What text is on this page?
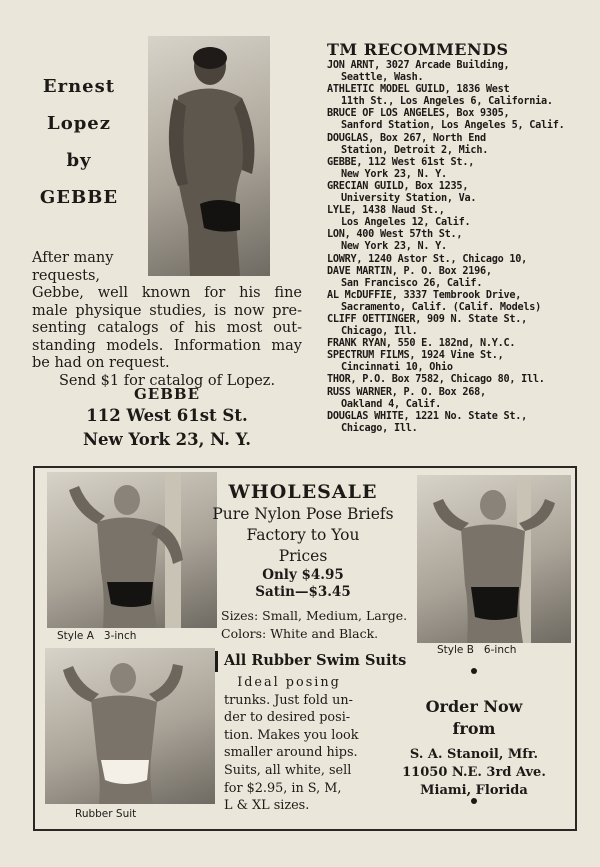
Ernest
Lopez
by
GEBBE
After many
requests,
Gebbe, well known for his fine
male physique studies, is now pre-
senting catalogs of his most out-
standing models. Information may
be had on request.
Send $1 for catalog of Lopez.
GEBBE
112 West 61st St.
New York 23, N. Y.
TM RECOMMENDS
JON ARNT, 3027 Arcade Building,
Seattle, Wash.
ATHLETIC MODEL GUILD, 1836 West
11th St., Los Angeles 6, California.
BRUCE OF LOS ANGELES, Box 9305,
Sanford Station, Los Angeles 5, Calif.
DOUGLAS, Box 267, North End
Station, Detroit 2, Mich.
GEBBE, 112 West 61st St.,
New York 23, N. Y.
GRECIAN GUILD, Box 1235,
University Station, Va.
LYLE, 1438 Naud St.,
Los Angeles 12, Calif.
LON, 400 West 57th St.,
New York 23, N. Y.
LOWRY, 1240 Astor St., Chicago 10,
DAVE MARTIN, P. O. Box 2196,
San Francisco 26, Calif.
AL McDUFFIE, 3337 Tembrook Drive,
Sacramento, Calif. (Calif. Models)
CLIFF OETTINGER, 909 N. State St.,
Chicago, Ill.
FRANK RYAN, 550 E. 182nd, N.Y.C.
SPECTRUM FILMS, 1924 Vine St.,
Cincinnati 10, Ohio
THOR, P.O. Box 7582, Chicago 80, Ill.
RUSS WARNER, P. O. Box 268,
Oakland 4, Calif.
DOUGLAS WHITE, 1221 No. State St.,
Chicago, Ill.
Style A   3-inch
Rubber Suit
Style B   6-inch
WHOLESALE
Pure Nylon Pose Briefs
Factory to You
Prices
Only $4.95
Satin—$3.45
Sizes: Small, Medium, Large.
Colors: White and Black.
All Rubber Swim Suits
Ideal posing
trunks. Just fold un-
der to desired posi-
tion. Makes you look
smaller around hips.
Suits, all white, sell
for $2.95, in S, M,
L & XL sizes.
Order Now
from
S. A. Stanoil, Mfr.
11050 N.E. 3rd Ave.
Miami, Florida
